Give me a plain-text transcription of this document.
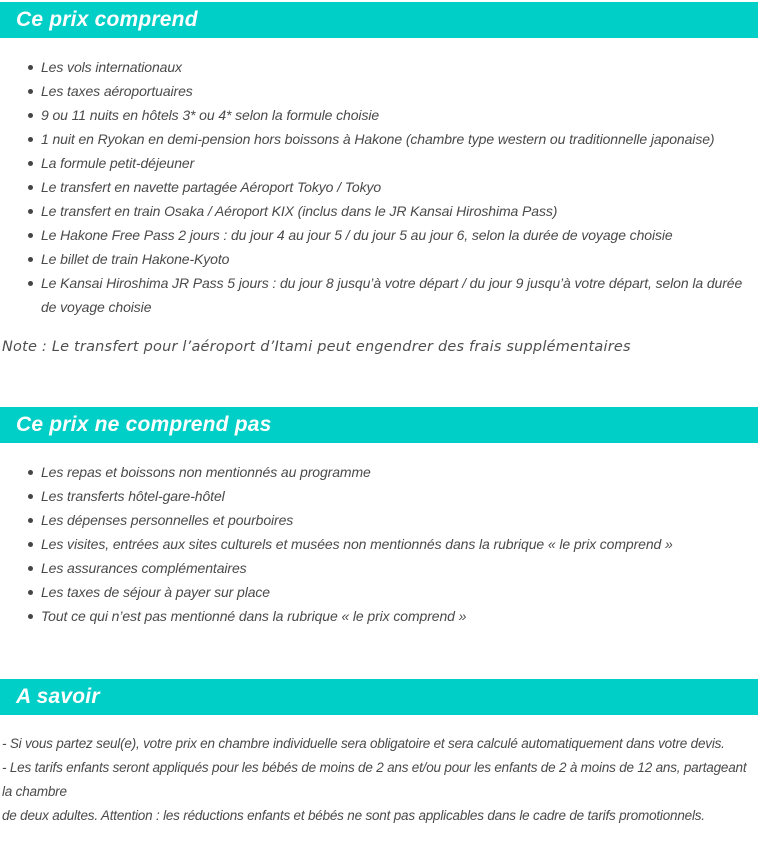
Ce prix comprend
Les vols internationaux
Les taxes aéroportuaires
9 ou 11 nuits en hôtels 3* ou 4* selon la formule choisie
1 nuit en Ryokan en demi-pension hors boissons à Hakone (chambre type western ou traditionnelle japonaise)
La formule petit-déjeuner
Le transfert en navette partagée Aéroport Tokyo / Tokyo
Le transfert en train Osaka / Aéroport KIX (inclus dans le JR Kansai Hiroshima Pass)
Le Hakone Free Pass 2 jours : du jour 4 au jour 5 / du jour 5 au jour 6, selon la durée de voyage choisie
Le billet de train Hakone-Kyoto
Le Kansai Hiroshima JR Pass 5 jours : du jour 8 jusqu’à votre départ / du jour 9 jusqu’à votre départ, selon la durée de voyage choisie

Note : Le transfert pour l’aéroport d’Itami peut engendrer des frais supplémentaires

Ce prix ne comprend pas
Les repas et boissons non mentionnés au programme
Les transferts hôtel-gare-hôtel
Les dépenses personnelles et pourboires
Les visites, entrées aux sites culturels et musées non mentionnés dans la rubrique « le prix comprend »
Les assurances complémentaires
Les taxes de séjour à payer sur place
Tout ce qui n’est pas mentionné dans la rubrique « le prix comprend »
A savoir
- Si vous partez seul(e), votre prix en chambre individuelle sera obligatoire et sera calculé automatiquement dans votre devis.
- Les tarifs enfants seront appliqués pour les bébés de moins de 2 ans et/ou pour les enfants de 2 à moins de 12 ans, partageant la chambre
de deux adultes. Attention : les réductions enfants et bébés ne sont pas applicables dans le cadre de tarifs promotionnels.
